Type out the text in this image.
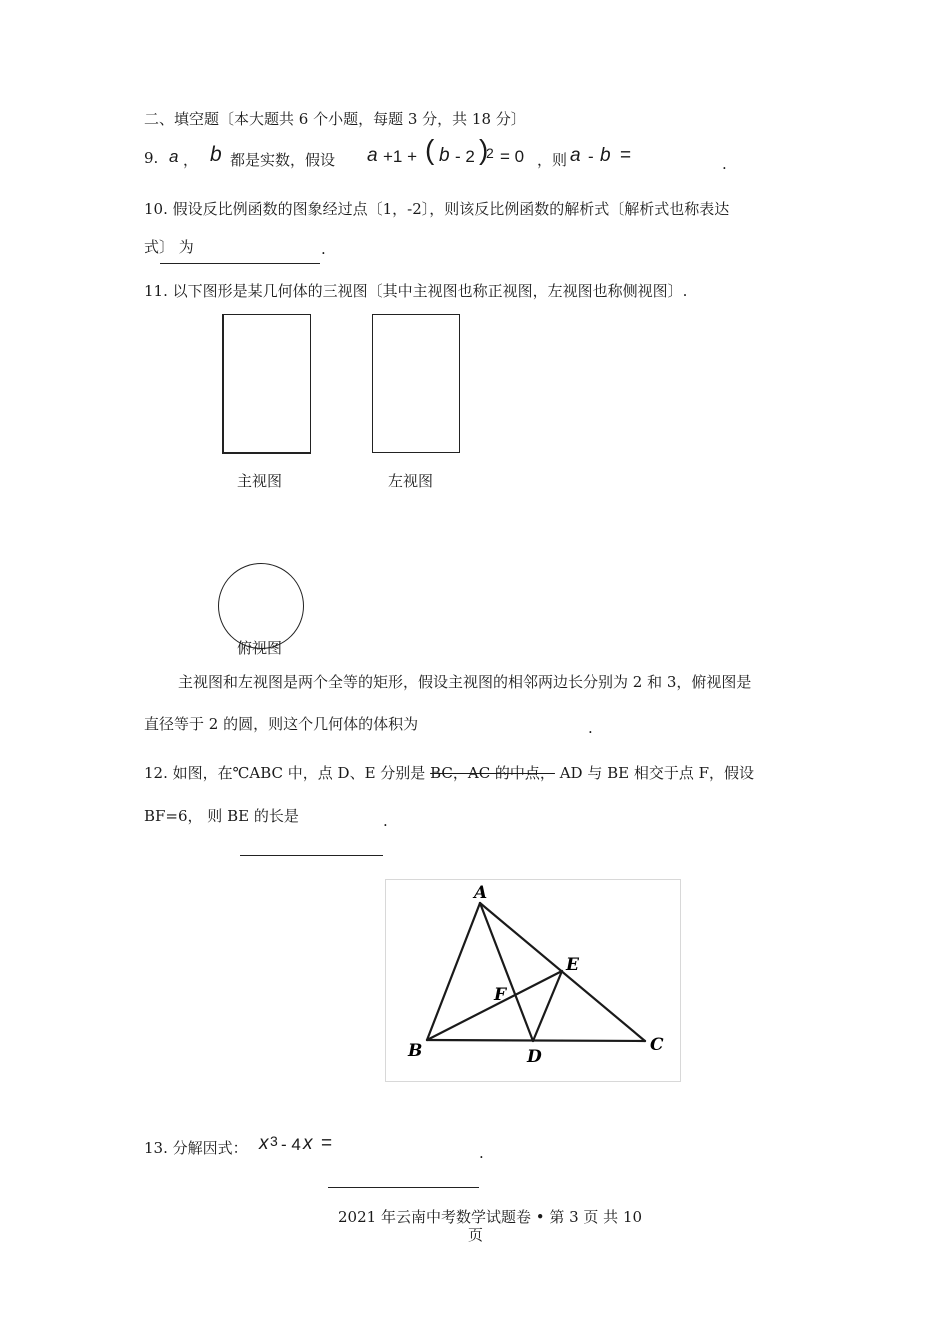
二、填空题〔本大题共 6 个小题，每题 3 分，共 18 分〕
9. a ， b 都是实数，假设 a +1 + ( b - 2 )
2 = 0 ，则 a - b =	.
10. 假设反比例函数的图象经过点〔1，-2〕，则该反比例函数的解析式〔解析式也称表达
式〕 为	.
11. 以下图形是某几何体的三视图〔其中主视图也称正视图，左视图也称侧视图〕.
主视图	左视图
俯视图
主视图和左视图是两个全等的矩形，假设主视图的相邻两边长分别为 2 和 3，俯视图是
直径等于 2 的圆，则这个几何体的体积为	.
12. 如图，在℃ABC 中，点 D、E 分别是 BC，AC 的中点， AD 与 BE 相交于点 F，假设
BF=6， 则 BE 的长是	.
A
B	C
D
E
F
13. 分解因式： x 3 - 4 x =	.
2021 年云南中考数学试题卷 • 第 3 页 共 10
页
